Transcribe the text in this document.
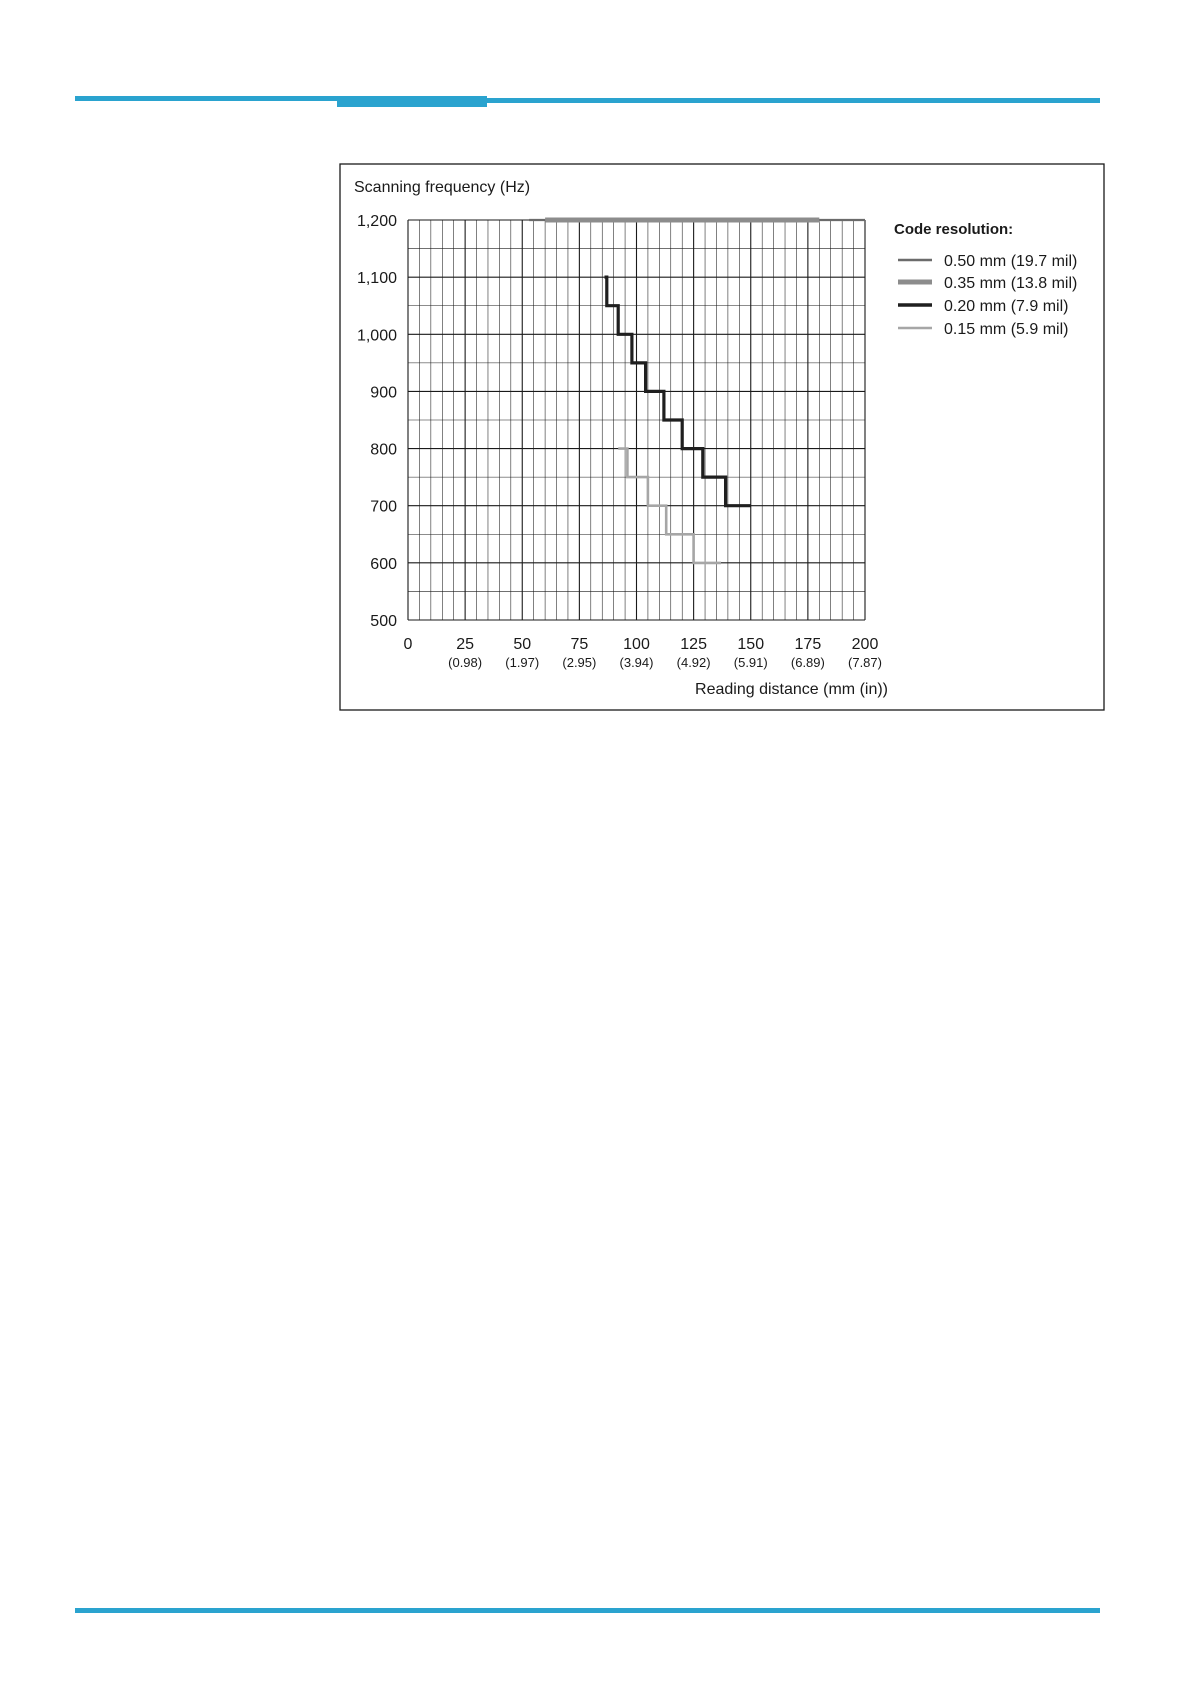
Scanning frequency (Hz)
Reading distance (mm (in))
Code resolution:
1,200
1,100
1,000
900
800
700
600
500
0	25
(0.98)
50
(1.97)
75
(2.95)
100
(3.94)
125
(4.92)
150
(5.91)
175
(6.89)
200
(7.87)
0.50 mm (19.7 mil)
0.35 mm (13.8 mil)
0.20 mm (7.9 mil)
0.15 mm (5.9 mil)
